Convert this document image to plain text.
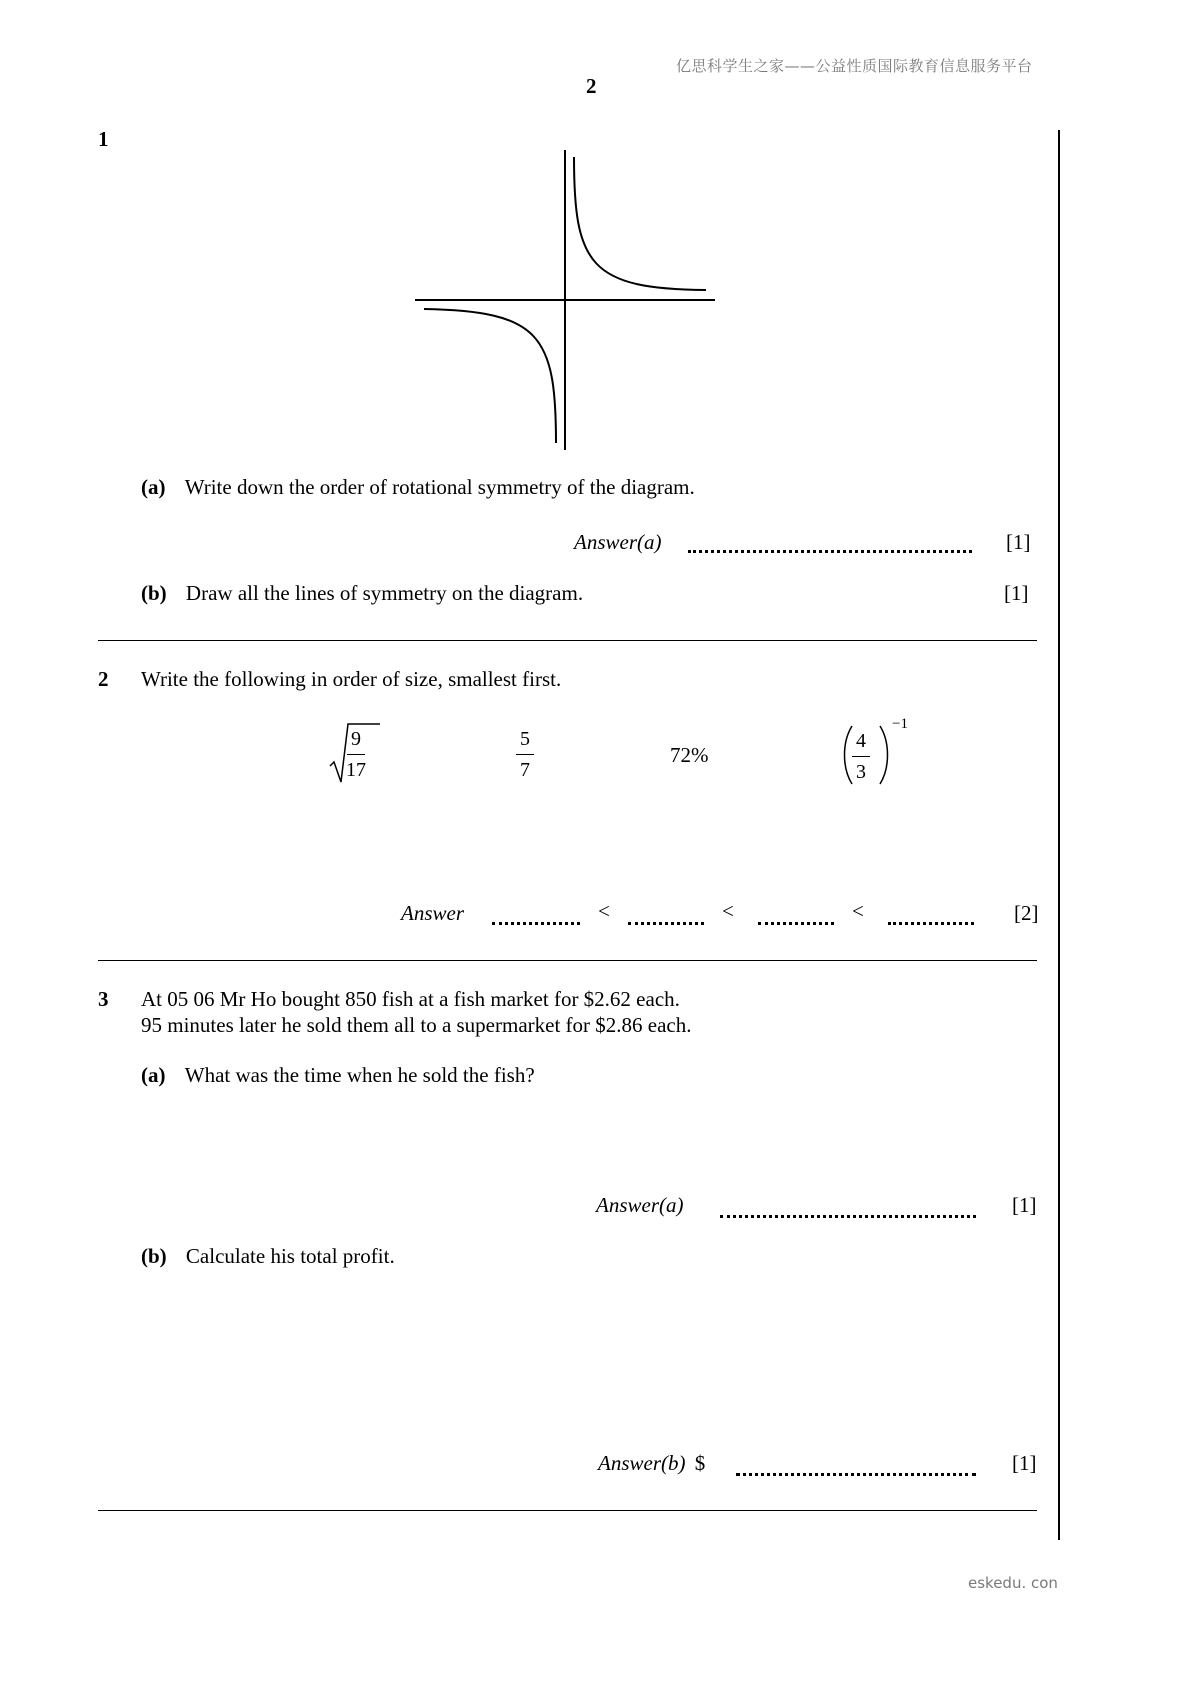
亿思科学生之家——公益性质国际教育信息服务平台
2
1
(a) Write down the order of rotational symmetry of the diagram.
Answer(a)	[1]
(b) Draw all the lines of symmetry on the diagram.	[1]
2 Write the following in order of size, smallest first.
$\frac{9}{17}$	$\frac{5}{7}$	72%	$\frac{4}{3}$
−1
Answer	<	<	<	[2]
3 At 05 06 Mr Ho bought 850 fish at a fish market for $2.62 each.
95 minutes later he sold them all to a supermarket for $2.86 each.
(a) What was the time when he sold the fish?
Answer(a)	[1]
(b) Calculate his total profit.
Answer(b) $	[1]
eskedu. con
